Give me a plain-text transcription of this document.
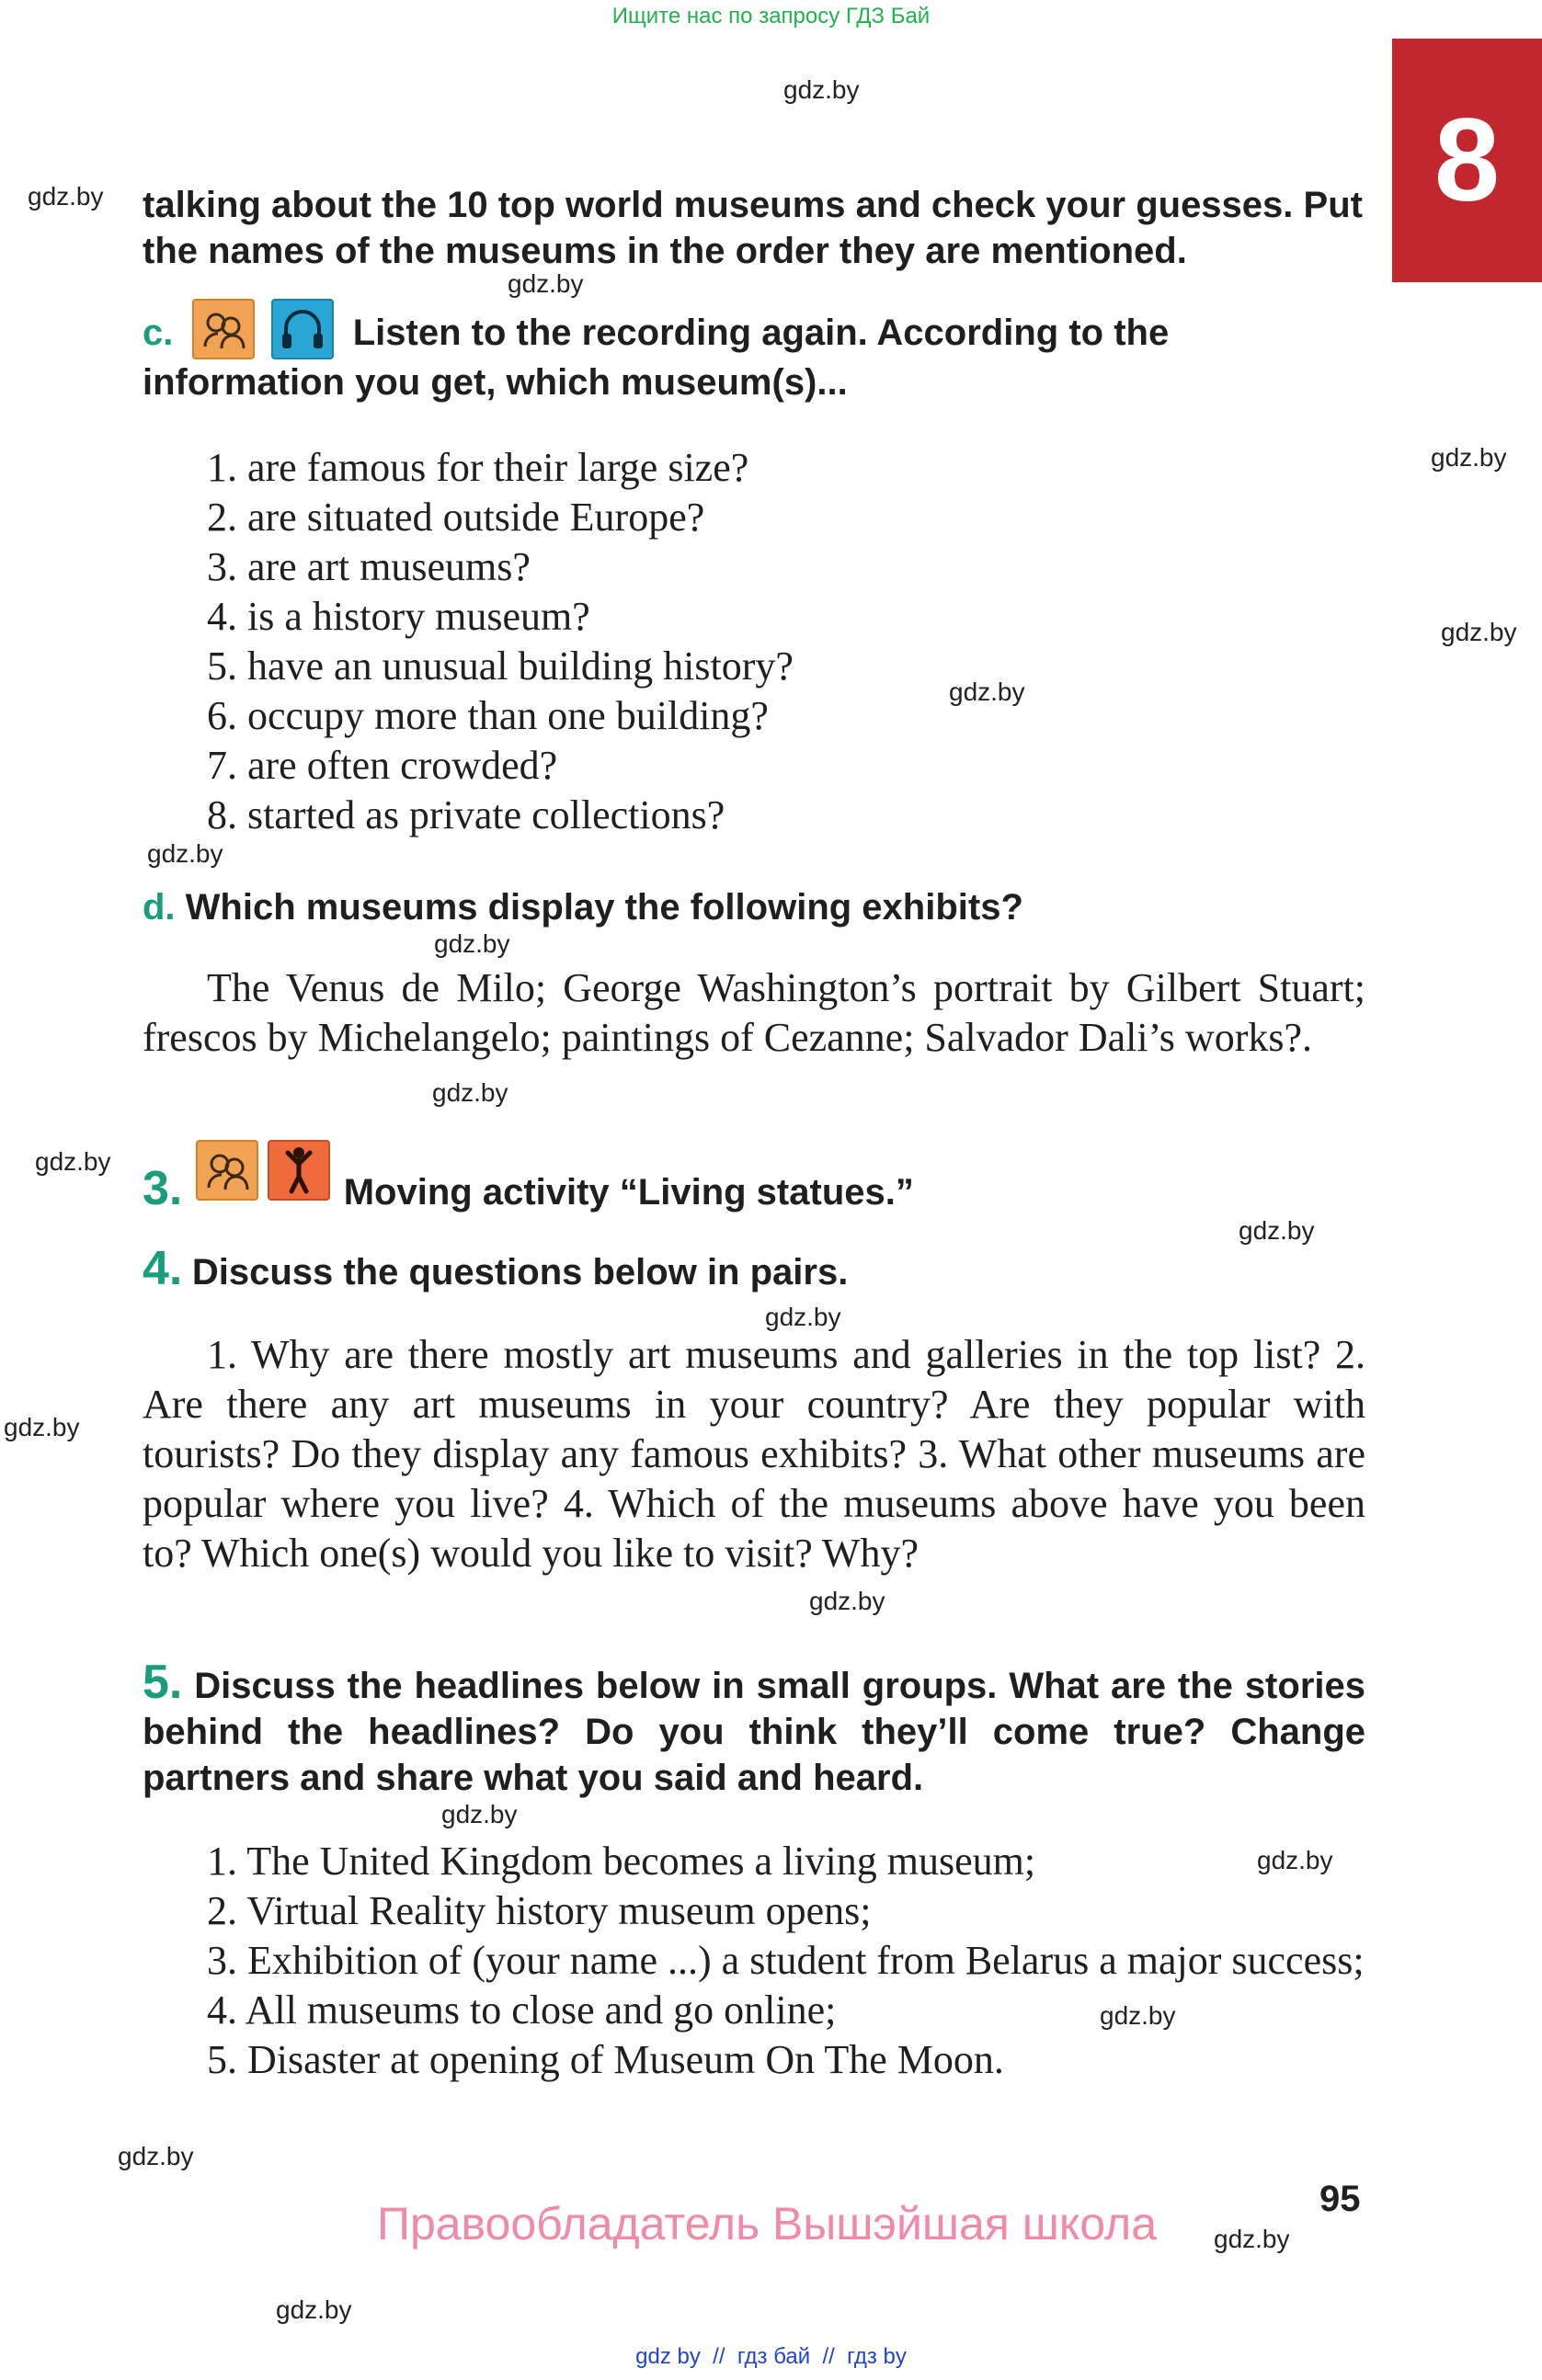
Ищите нас по запросу ГДЗ Бай
gdz.by
gdz.by
gdz.by
gdz.by
gdz.by
gdz.by
gdz.by
gdz.by
gdz.by
gdz.by
gdz.by
gdz.by
gdz.by
gdz.by
gdz.by
gdz.by
gdz.by
gdz.by
gdz.by
gdz.by
8
talking about the 10 top world museums and check your guesses. Put the names of the museums in the order they are mentioned.
c.	Listen to the recording again. According to the information you get, which museum(s)...
1. are famous for their large size?
2. are situated outside Europe?
3. are art museums?
4. is a history museum?
5. have an unusual building history?
6. occupy more than one building?
7. are often crowded?
8. started as private collections?
d. Which museums display the following exhibits?
The Venus de Milo; George Washington’s portrait by Gilbert Stuart; frescos by Michelangelo; paintings of Cezanne; Salvador Dali’s works?.
3.	Moving activity “Living statues.”
4. Discuss the questions below in pairs.
1. Why are there mostly art museums and galleries in the top list? 2. Are there any art museums in your country? Are they popular with tourists? Do they display any famous exhibits? 3. What other museums are popular where you live? 4. Which of the museums above have you been to? Which one(s) would you like to visit? Why?
5. Discuss the headlines below in small groups. What are the stories behind the headlines? Do you think they’ll come true? Change partners and share what you said and heard.
1. The United Kingdom becomes a living museum;
2. Virtual Reality history museum opens;
3. Exhibition of (your name ...) a student from Belarus a major success;
4. All museums to close and go online;
5. Disaster at opening of Museum On The Moon.
Правообладатель Вышэйшая школа	95
gdz by  //  гдз бай  //  гдз by
